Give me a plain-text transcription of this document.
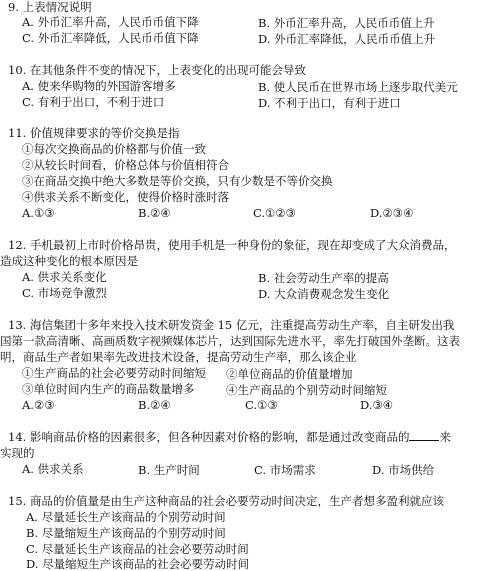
9. 上表情况说明
A. 外币汇率升高，人民币币值下降	B. 外币汇率升高，人民币币值上升
C. 外币汇率降低，人民币币值下降	D. 外币汇率降低，人民币币值上升
10. 在其他条件不变的情况下，上表变化的出现可能会导致
A. 使来华购物的外国游客增多	B. 使人民币在世界市场上逐步取代美元
C. 有利于出口，不利于进口	D. 不利于出口，有利于进口
11. 价值规律要求的等价交换是指
①每次交换商品的价格都与价值一致
②从较长时间看，价格总体与价值相符合
③在商品交换中绝大多数是等价交换，只有少数是不等价交换
④供求关系不断变化，使得价格时涨时落
A.①③	B.②④	C.①②③	D.②③④
12. 手机最初上市时价格昂贵，使用手机是一种身份的象征，现在却变成了大众消费品，
造成这种变化的根本原因是
A. 供求关系变化	B. 社会劳动生产率的提高
C. 市场竞争激烈	D. 大众消费观念发生变化
13. 海信集团十多年来投入技术研发资金 15 亿元，注重提高劳动生产率，自主研发出我
国第一款高清晰、高画质数字视频媒体芯片，达到国际先进水平，率先打破国外垄断。这表
明，商品生产者如果率先改进技术设备，提高劳动生产率，那么该企业
①生产商品的社会必要劳动时间缩短 ②单位商品的价值量增加
③单位时间内生产的商品数量增多	④生产商品的个别劳动时间缩短
A.②③	B.②④	C.①③	D.③④
14. 影响商品价格的因素很多，但各种因素对价格的影响，都是通过改变商品的	来
实现的
A. 供求关系	B. 生产时间	C. 市场需求	D. 市场供给
15. 商品的价值量是由生产这种商品的社会必要劳动时间决定，生产者想多盈利就应该
A. 尽量延长生产该商品的个别劳动时间
B. 尽量缩短生产该商品的个别劳动时间
C. 尽量延长生产该商品的社会必要劳动时间
D. 尽量缩短生产该商品的社会必要劳动时间
